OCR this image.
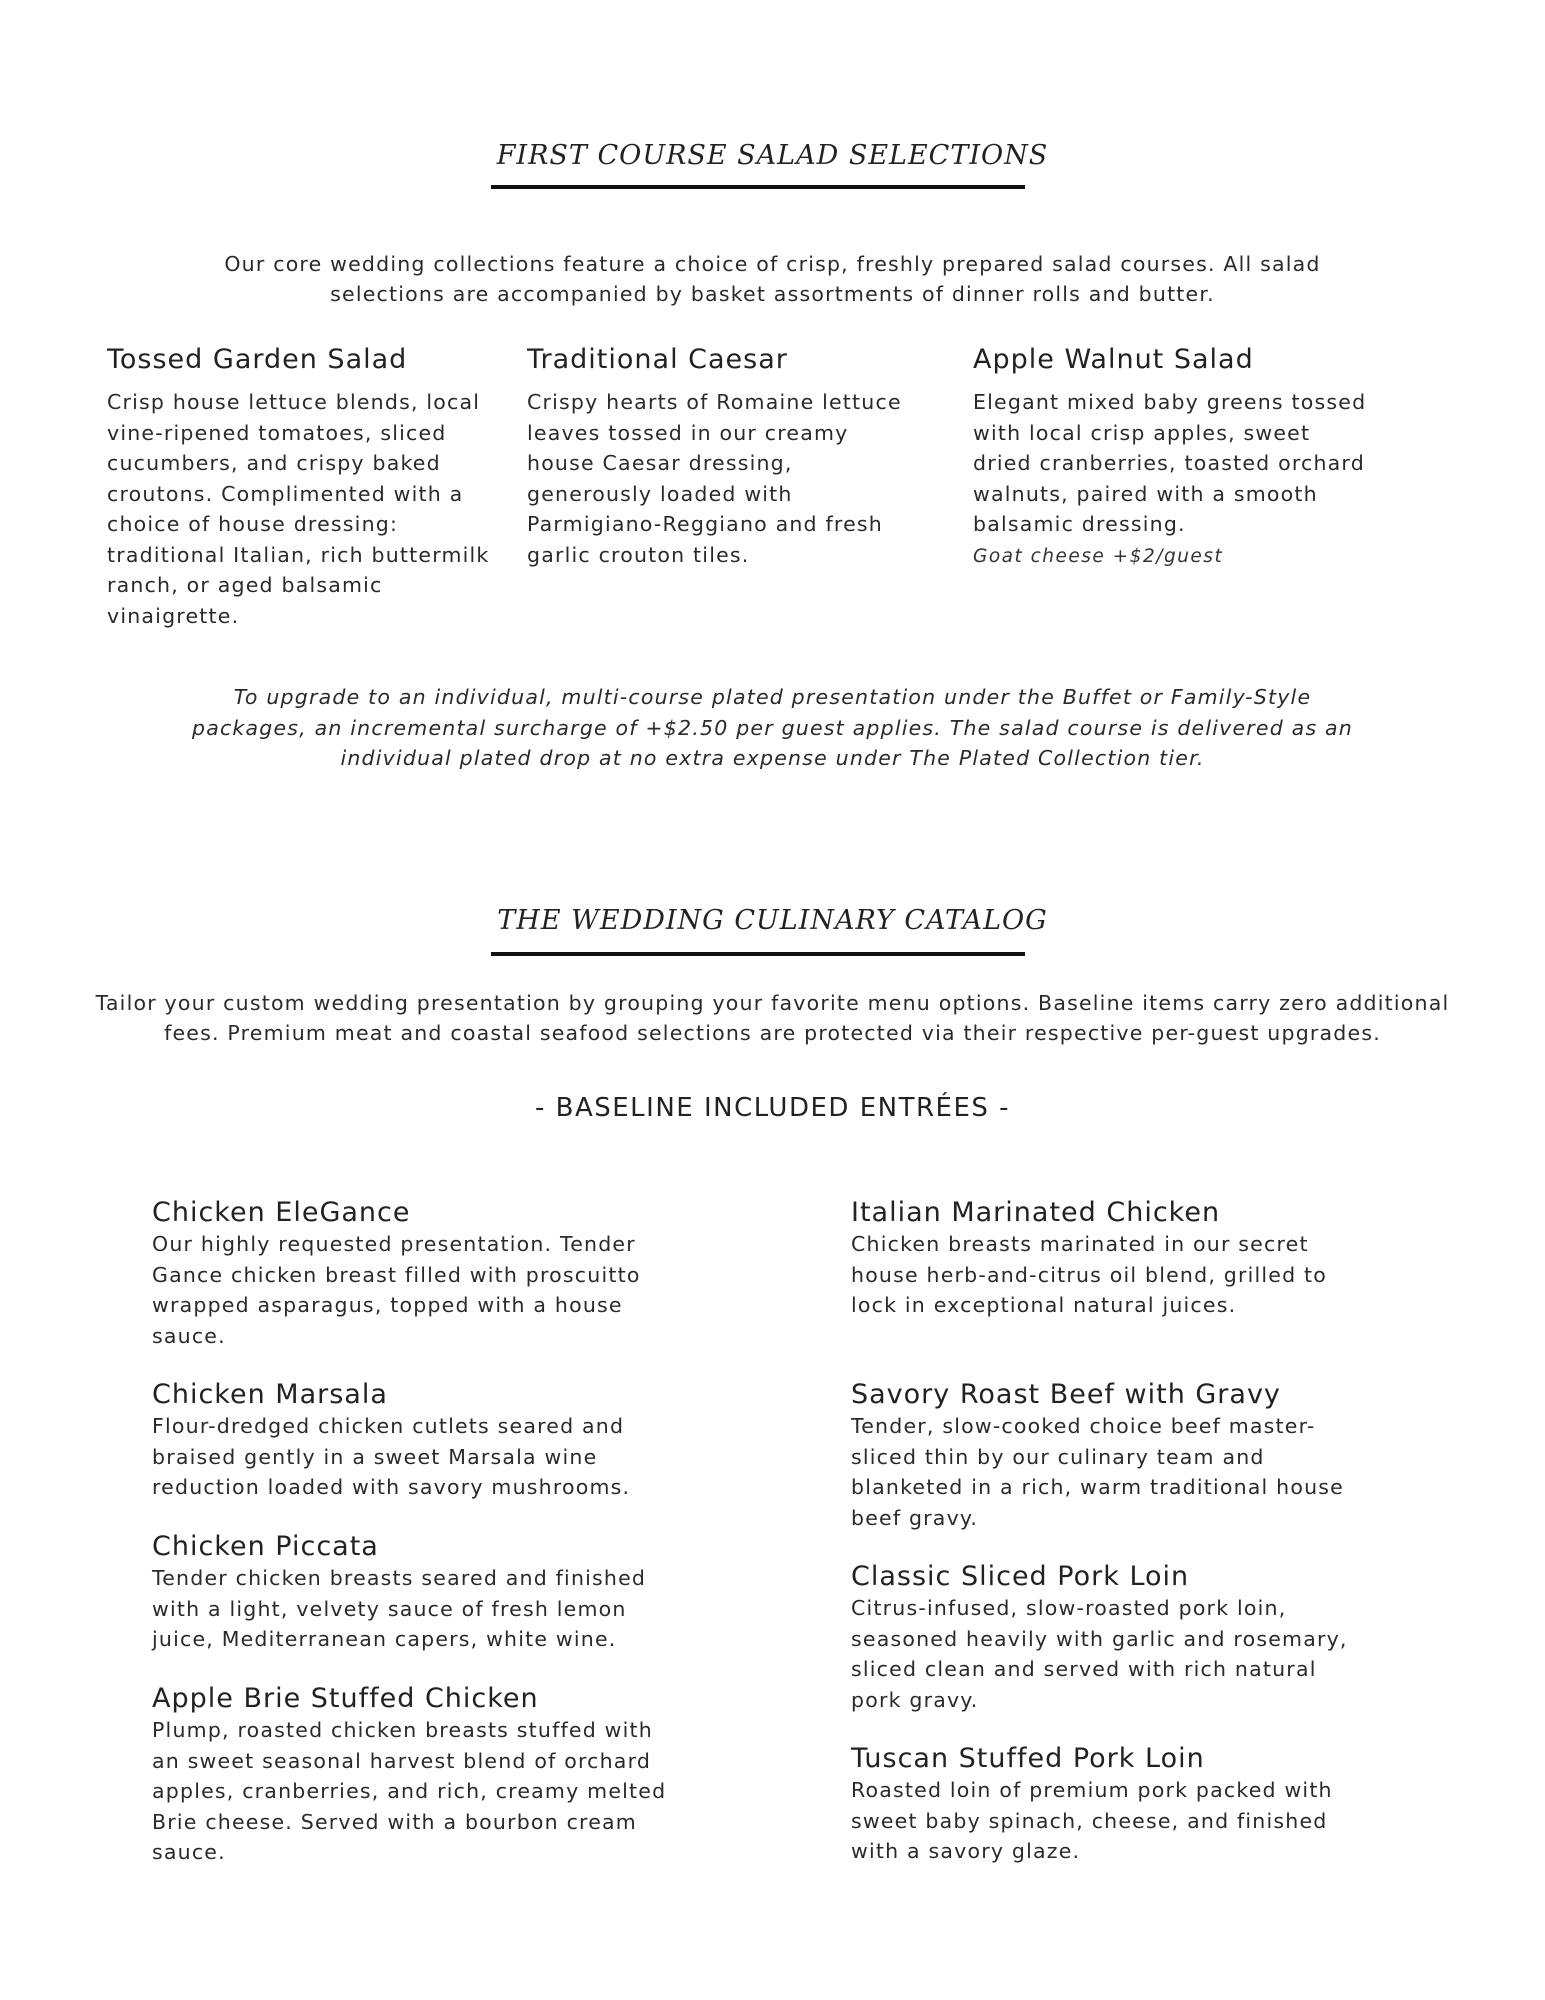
FIRST COURSE SALAD SELECTIONS
Our core wedding collections feature a choice of crisp, freshly prepared salad courses. All salad selections are accompanied by basket assortments of dinner rolls and butter.
Tossed Garden Salad
Crisp house lettuce blends, local vine-ripened tomatoes, sliced cucumbers, and crispy baked croutons. Complimented with a choice of house dressing: traditional Italian, rich buttermilk ranch, or aged balsamic vinaigrette.
Traditional Caesar
Crispy hearts of Romaine lettuce leaves tossed in our creamy house Caesar dressing, generously loaded with Parmigiano-Reggiano and fresh garlic crouton tiles.
Apple Walnut Salad
Elegant mixed baby greens tossed with local crisp apples, sweet dried cranberries, toasted orchard walnuts, paired with a smooth balsamic dressing.
Goat cheese +$2/guest
To upgrade to an individual, multi-course plated presentation under the Buffet or Family-Style packages, an incremental surcharge of +$2.50 per guest applies. The salad course is delivered as an individual plated drop at no extra expense under The Plated Collection tier.
THE WEDDING CULINARY CATALOG
Tailor your custom wedding presentation by grouping your favorite menu options. Baseline items carry zero additional fees. Premium meat and coastal seafood selections are protected via their respective per-guest upgrades.
- BASELINE INCLUDED ENTRÉES -
Chicken EleGance
Our highly requested presentation. Tender Gance chicken breast filled with proscuitto wrapped asparagus, topped with a house sauce.
Chicken Marsala
Flour-dredged chicken cutlets seared and braised gently in a sweet Marsala wine reduction loaded with savory mushrooms.
Chicken Piccata
Tender chicken breasts seared and finished with a light, velvety sauce of fresh lemon juice, Mediterranean capers, white wine.
Apple Brie Stuffed Chicken
Plump, roasted chicken breasts stuffed with an sweet seasonal harvest blend of orchard apples, cranberries, and rich, creamy melted Brie cheese. Served with a bourbon cream sauce.
Italian Marinated Chicken
Chicken breasts marinated in our secret house herb-and-citrus oil blend, grilled to lock in exceptional natural juices.
Savory Roast Beef with Gravy
Tender, slow-cooked choice beef master-sliced thin by our culinary team and blanketed in a rich, warm traditional house beef gravy.
Classic Sliced Pork Loin
Citrus-infused, slow-roasted pork loin, seasoned heavily with garlic and rosemary, sliced clean and served with rich natural pork gravy.
Tuscan Stuffed Pork Loin
Roasted loin of premium pork packed with sweet baby spinach, cheese, and finished with a savory glaze.
